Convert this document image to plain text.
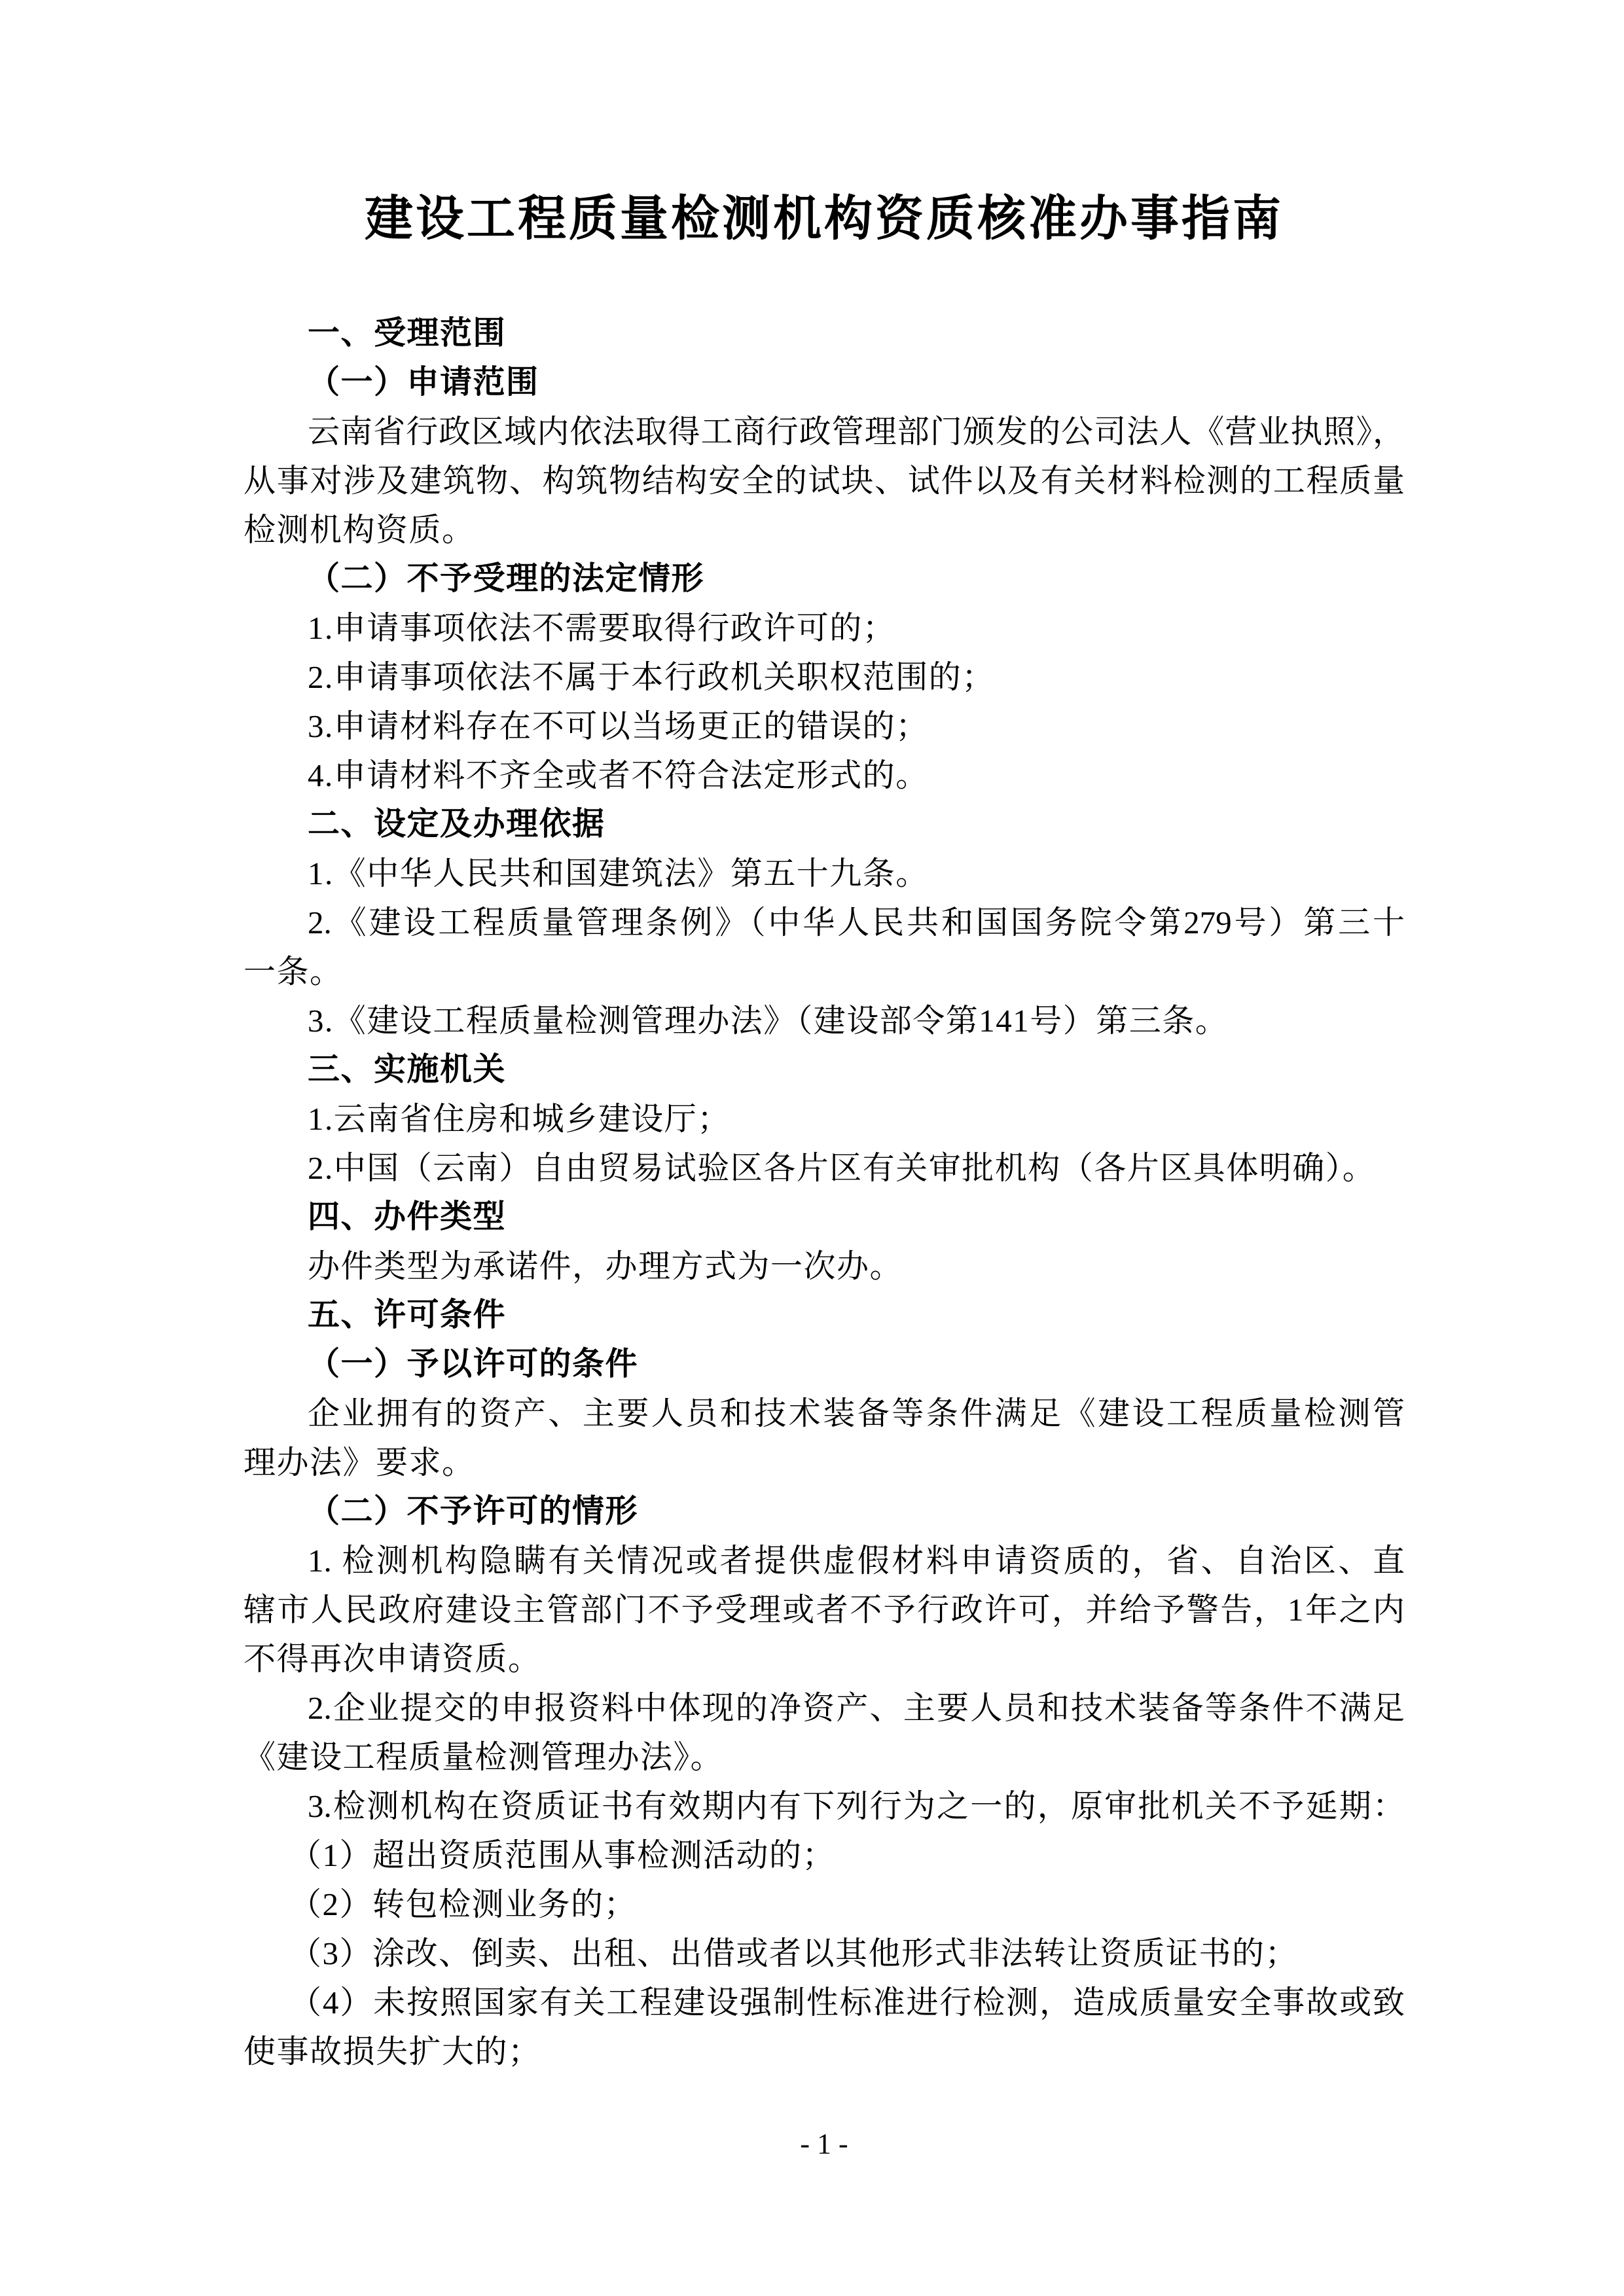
建设工程质量检测机构资质核准办事指南
一、受理范围
（一）申请范围
云南省行政区域内依法取得工商行政管理部门颁发的公司法人《营业执照》，
从事对涉及建筑物、构筑物结构安全的试块、试件以及有关材料检测的工程质量
检测机构资质。
（二）不予受理的法定情形
1.申请事项依法不需要取得行政许可的；
2.申请事项依法不属于本行政机关职权范围的；
3.申请材料存在不可以当场更正的错误的；
4.申请材料不齐全或者不符合法定形式的。
二、设定及办理依据
1.《中华人民共和国建筑法》第五十九条。
2.《建设工程质量管理条例》（中华人民共和国国务院令第279号）第三十
一条。
3.《建设工程质量检测管理办法》（建设部令第141号）第三条。
三、实施机关
1.云南省住房和城乡建设厅；
2.中国（云南）自由贸易试验区各片区有关审批机构（各片区具体明确）。
四、办件类型
办件类型为承诺件，办理方式为一次办。
五、许可条件
（一）予以许可的条件
企业拥有的资产、主要人员和技术装备等条件满足《建设工程质量检测管
理办法》要求。
（二）不予许可的情形
1. 检测机构隐瞒有关情况或者提供虚假材料申请资质的，省、自治区、直
辖市人民政府建设主管部门不予受理或者不予行政许可，并给予警告，1年之内
不得再次申请资质。
2.企业提交的申报资料中体现的净资产、主要人员和技术装备等条件不满足
《建设工程质量检测管理办法》。
3.检测机构在资质证书有效期内有下列行为之一的，原审批机关不予延期：
（1）超出资质范围从事检测活动的；
（2）转包检测业务的；
（3）涂改、倒卖、出租、出借或者以其他形式非法转让资质证书的；
（4）未按照国家有关工程建设强制性标准进行检测，造成质量安全事故或致
使事故损失扩大的；
- 1 -
